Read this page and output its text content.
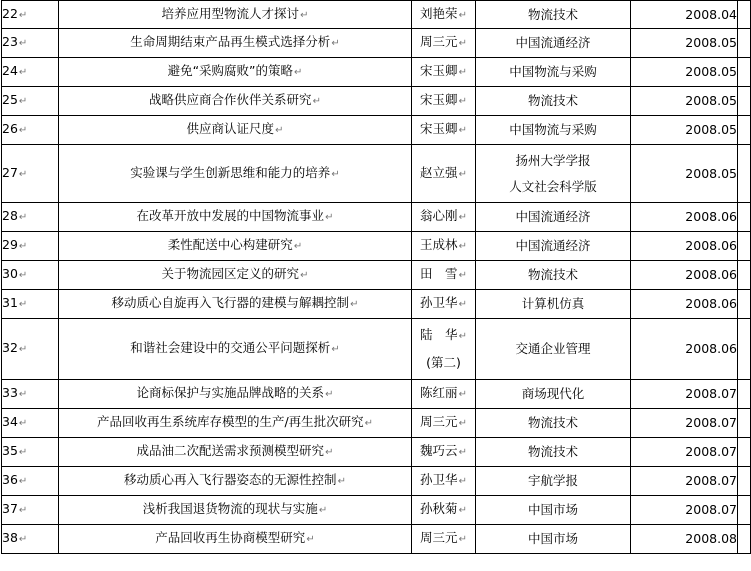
22↵	培养应用型物流人才探讨↵	刘艳荣↵	物流技术	2008.04	
23↵	生命周期结束产品再生模式选择分析↵	周三元↵	中国流通经济	2008.05	
24↵	避免“采购腐败”的策略↵	宋玉卿↵	中国物流与采购	2008.05	
25↵	战略供应商合作伙伴关系研究↵	宋玉卿↵	物流技术	2008.05	
26↵	供应商认证尺度↵	宋玉卿↵	中国物流与采购	2008.05	
27↵	实验课与学生创新思维和能力的培养↵	赵立强↵	扬州大学学报
人文社会科学版	2008.05	
28↵	在改革开放中发展的中国物流事业↵	翁心刚↵	中国流通经济	2008.06	
29↵	柔性配送中心构建研究↵	王成林↵	中国流通经济	2008.06	
30↵	关于物流园区定义的研究↵	田　雪↵	物流技术	2008.06	
31↵	移动质心自旋再入飞行器的建模与解耦控制↵	孙卫华↵	计算机仿真	2008.06	
32↵	和谐社会建设中的交通公平问题探析↵	陆　华↵
(第二)	交通企业管理	2008.06	
33↵	论商标保护与实施品牌战略的关系↵	陈红丽↵	商场现代化	2008.07	
34↵	产品回收再生系统库存模型的生产/再生批次研究↵	周三元↵	物流技术	2008.07	
35↵	成品油二次配送需求预测模型研究↵	魏巧云↵	物流技术	2008.07	
36↵	移动质心再入飞行器姿态的无源性控制↵	孙卫华↵	宇航学报	2008.07	
37↵	浅析我国退货物流的现状与实施↵	孙秋菊↵	中国市场	2008.07	
38↵	产品回收再生协商模型研究↵	周三元↵	中国市场	2008.08	
